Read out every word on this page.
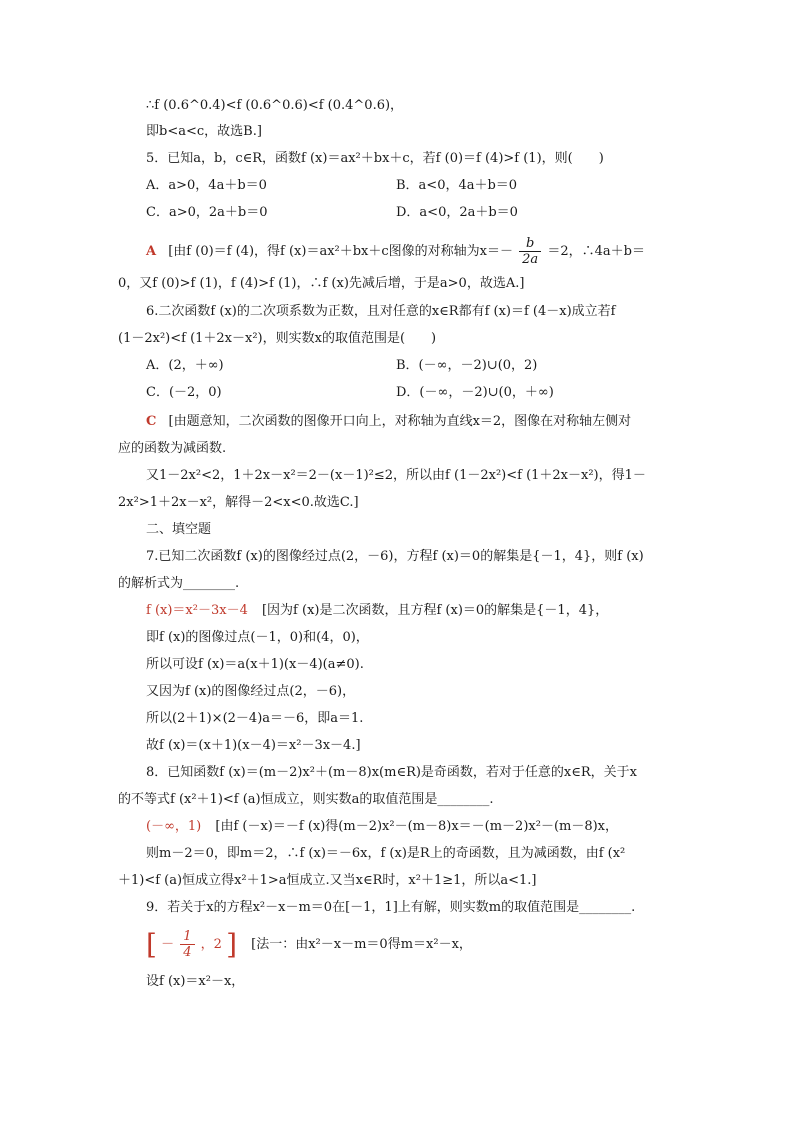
∴f (0.6^0.4)<f (0.6^0.6)<f (0.4^0.6)，
即b<a<c，故选B.]
5．已知a，b，c∈R，函数f (x)＝ax²＋bx＋c，若f (0)＝f (4)>f (1)，则(　　)
A．a>0，4a＋b＝0	B．a<0，4a＋b＝0
C．a>0，2a＋b＝0	D．a<0，2a＋b＝0
A [由f (0)＝f (4)，得f (x)＝ax²＋bx＋c图像的对称轴为$x=- \frac{b}{2a} =2$，∴4a＋b＝
0，又f (0)>f (1)，f (4)>f (1)，∴f (x)先减后增，于是a>0，故选A.]
6.二次函数f (x)的二次项系数为正数，且对任意的x∈R都有f (x)＝f (4－x)成立若f
(1－2x²)<f (1＋2x－x²)，则实数x的取值范围是(　　)
A．(2，＋∞)	B．(－∞，－2)∪(0，2)
C．(－2，0)	D．(－∞，－2)∪(0，＋∞)
C [由题意知，二次函数的图像开口向上，对称轴为直线x＝2，图像在对称轴左侧对
应的函数为减函数.
又1－2x²<2，1＋2x－x²＝2－(x－1)²≤2，所以由f (1－2x²)<f (1＋2x－x²)，得1－
2x²>1＋2x－x²，解得－2<x<0.故选C.]
二、填空题
7.已知二次函数f (x)的图像经过点(2，－6)，方程f (x)＝0的解集是{－1，4}，则f (x)
的解析式为________.
f (x)＝x²－3x－4 [因为f (x)是二次函数，且方程f (x)＝0的解集是{－1，4}，
即f (x)的图像过点(－1，0)和(4，0)，
所以可设f (x)＝a(x＋1)(x－4)(a≠0).
又因为f (x)的图像经过点(2，－6)，
所以(2＋1)×(2－4)a＝－6，即a＝1.
故f (x)＝(x＋1)(x－4)＝x²－3x－4.]
8．已知函数f (x)＝(m－2)x²＋(m－8)x(m∈R)是奇函数，若对于任意的x∈R，关于x
的不等式f (x²＋1)<f (a)恒成立，则实数a的取值范围是________.
(－∞，1) [由f (－x)＝－f (x)得(m－2)x²－(m－8)x＝－(m－2)x²－(m－8)x，
则m－2＝0，即m＝2，∴f (x)＝－6x，f (x)是R上的奇函数，且为减函数，由f (x²
＋1)<f (a)恒成立得x²＋1>a恒成立.又当x∈R时，x²＋1≥1，所以a<1.]
9．若关于x的方程x²－x－m＝0在[－1，1]上有解，则实数m的取值范围是________.
[ － $\frac{1}{4}$ ，2 ] [法一：由x²－x－m＝0得m＝x²－x，
设f (x)＝x²－x，
